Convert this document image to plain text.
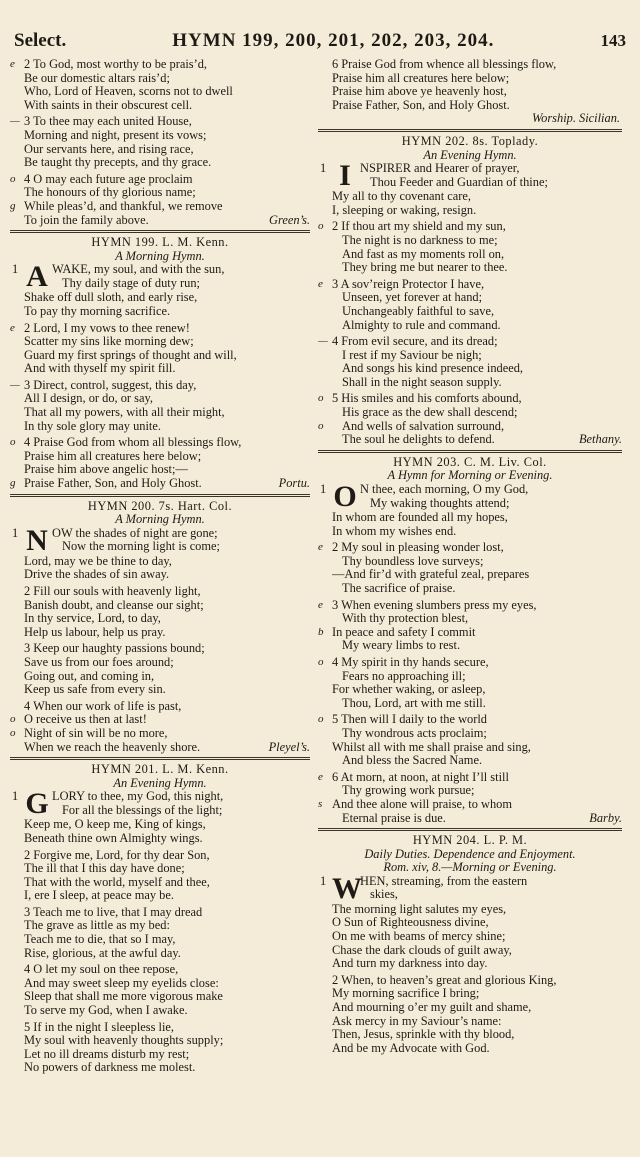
Select.	HYMN 199, 200, 201, 202, 203, 204.	143
e 2 To God, most worthy to be prais’d,
Be our domestic altars rais’d;
Who, Lord of Heaven, scorns not to dwell
With saints in their obscurest cell.
— 3 To thee may each united House,
Morning and night, present its vows;
Our servants here, and rising race,
Be taught thy precepts, and thy grace.
o 4 O may each future age proclaim
The honours of thy glorious name;
g While pleas’d, and thankful, we remove
To join the family above.	Green’s.
HYMN 199. L. M. Kenn.
A Morning Hymn.
1 A WAKE, my soul, and with the sun,
Thy daily stage of duty run;
Shake off dull sloth, and early rise,
To pay thy morning sacrifice.
e 2 Lord, I my vows to thee renew!
Scatter my sins like morning dew;
Guard my first springs of thought and will,
And with thyself my spirit fill.
— 3 Direct, control, suggest, this day,
All I design, or do, or say,
That all my powers, with all their might,
In thy sole glory may unite.
o 4 Praise God from whom all blessings flow,
Praise him all creatures here below;
Praise him above angelic host;—
g Praise Father, Son, and Holy Ghost.	Portu.
HYMN 200. 7s. Hart. Col.
A Morning Hymn.
1 N OW the shades of night are gone;
Now the morning light is come;
Lord, may we be thine to day,
Drive the shades of sin away.
2 Fill our souls with heavenly light,
Banish doubt, and cleanse our sight;
In thy service, Lord, to day,
Help us labour, help us pray.
3 Keep our haughty passions bound;
Save us from our foes around;
Going out, and coming in,
Keep us safe from every sin.
4 When our work of life is past,
o O receive us then at last!
o Night of sin will be no more,
When we reach the heavenly shore.	Pleyel’s.
HYMN 201. L. M. Kenn.
An Evening Hymn.
1 G LORY to thee, my God, this night,
For all the blessings of the light;
Keep me, O keep me, King of kings,
Beneath thine own Almighty wings.
2 Forgive me, Lord, for thy dear Son,
The ill that I this day have done;
That with the world, myself and thee,
I, ere I sleep, at peace may be.
3 Teach me to live, that I may dread
The grave as little as my bed:
Teach me to die, that so I may,
Rise, glorious, at the awful day.
4 O let my soul on thee repose,
And may sweet sleep my eyelids close:
Sleep that shall me more vigorous make
To serve my God, when I awake.
5 If in the night I sleepless lie,
My soul with heavenly thoughts supply;
Let no ill dreams disturb my rest;
No powers of darkness me molest.
6 Praise God from whence all blessings flow,
Praise him all creatures here below;
Praise him above ye heavenly host,
Praise Father, Son, and Holy Ghost.
Worship. Sicilian.
HYMN 202. 8s. Toplady.
An Evening Hymn.
1 I NSPIRER and Hearer of prayer,
Thou Feeder and Guardian of thine;
My all to thy covenant care,
I, sleeping or waking, resign.
o 2 If thou art my shield and my sun,
The night is no darkness to me;
And fast as my moments roll on,
They bring me but nearer to thee.
e 3 A sov’reign Protector I have,
Unseen, yet forever at hand;
Unchangeably faithful to save,
Almighty to rule and command.
— 4 From evil secure, and its dread;
I rest if my Saviour be nigh;
And songs his kind presence indeed,
Shall in the night season supply.
o 5 His smiles and his comforts abound,
His grace as the dew shall descend;
o	And wells of salvation surround,
The soul he delights to defend.	Bethany.
HYMN 203. C. M. Liv. Col.
A Hymn for Morning or Evening.
1 O N thee, each morning, O my God,
My waking thoughts attend;
In whom are founded all my hopes,
In whom my wishes end.
e 2 My soul in pleasing wonder lost,
Thy boundless love surveys;
—And fir’d with grateful zeal, prepares
The sacrifice of praise.
e 3 When evening slumbers press my eyes,
With thy protection blest,
b In peace and safety I commit
My weary limbs to rest.
o 4 My spirit in thy hands secure,
Fears no approaching ill;
For whether waking, or asleep,
Thou, Lord, art with me still.
o 5 Then will I daily to the world
Thy wondrous acts proclaim;
Whilst all with me shall praise and sing,
And bless the Sacred Name.
e 6 At morn, at noon, at night I’ll still
Thy growing work pursue;
s And thee alone will praise, to whom
Eternal praise is due.	Barby.
HYMN 204. L. P. M.
Daily Duties. Dependence and Enjoyment.
Rom. xiv, 8.—Morning or Evening.
1 W
HEN, streaming, from the eastern
skies,
The morning light salutes my eyes,
O Sun of Righteousness divine,
On me with beams of mercy shine;
Chase the dark clouds of guilt away,
And turn my darkness into day.
2 When, to heaven’s great and glorious King,
My morning sacrifice I bring;
And mourning o’er my guilt and shame,
Ask mercy in my Saviour’s name:
Then, Jesus, sprinkle with thy blood,
And be my Advocate with God.
